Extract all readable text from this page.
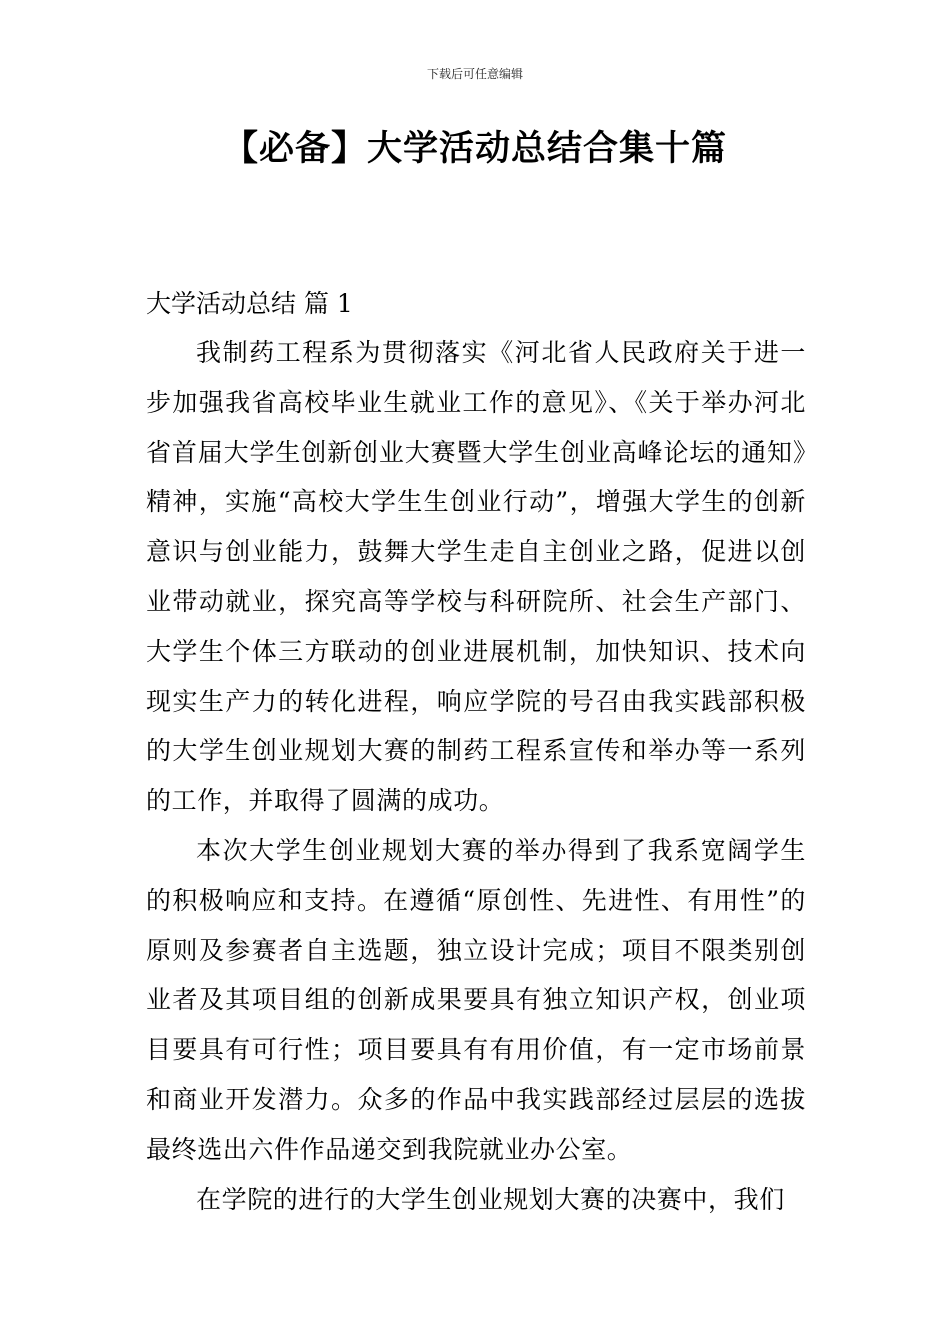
下载后可任意编辑
【必备】大学活动总结合集十篇
大学活动总结 篇 1

我制药工程系为贯彻落实《河北省人民政府关于进一步加强我省高校毕业生就业工作的意见》、《关于举办河北省首届大学生创新创业大赛暨大学生创业高峰论坛的通知》精神，实施“高校大学生生创业行动”，增强大学生的创新意识与创业能力，鼓舞大学生走自主创业之路，促进以创业带动就业，探究高等学校与科研院所、社会生产部门、大学生个体三方联动的创业进展机制，加快知识、技术向现实生产力的转化进程，响应学院的号召由我实践部积极的大学生创业规划大赛的制药工程系宣传和举办等一系列的工作，并取得了圆满的成功。

本次大学生创业规划大赛的举办得到了我系宽阔学生的积极响应和支持。在遵循“原创性、先进性、有用性”的原则及参赛者自主选题，独立设计完成；项目不限类别创业者及其项目组的创新成果要具有独立知识产权，创业项目要具有可行性；项目要具有有用价值，有一定市场前景和商业开发潜力。众多的作品中我实践部经过层层的选拔最终选出六件作品递交到我院就业办公室。

在学院的进行的大学生创业规划大赛的决赛中，我们
